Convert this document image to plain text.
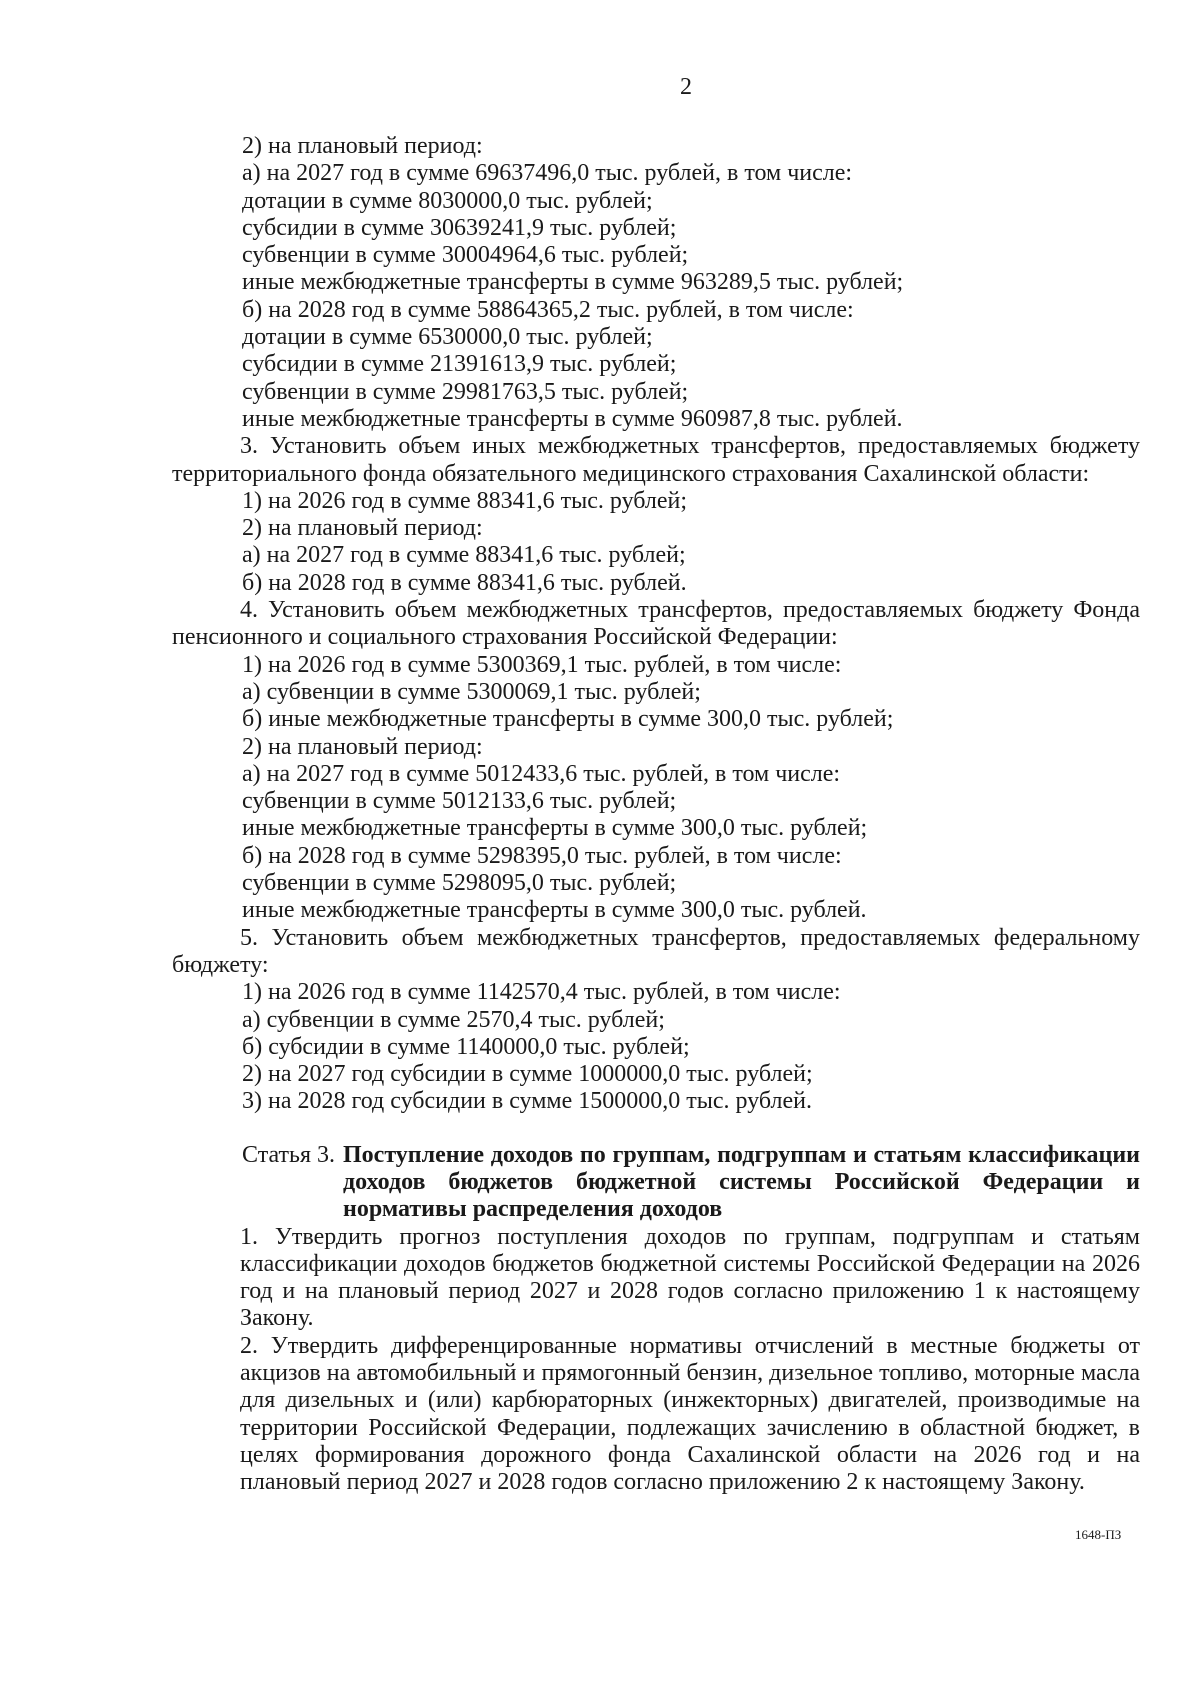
2
2) на плановый период:
а) на 2027 год в сумме 69637496,0 тыс. рублей, в том числе:
дотации в сумме 8030000,0 тыс. рублей;
субсидии в сумме 30639241,9 тыс. рублей;
субвенции в сумме 30004964,6 тыс. рублей;
иные межбюджетные трансферты в сумме 963289,5 тыс. рублей;
б) на 2028 год в сумме 58864365,2 тыс. рублей, в том числе:
дотации в сумме 6530000,0 тыс. рублей;
субсидии в сумме 21391613,9 тыс. рублей;
субвенции в сумме 29981763,5 тыс. рублей;
иные межбюджетные трансферты в сумме 960987,8 тыс. рублей.
3. Установить объем иных межбюджетных трансфертов, предоставляемых бюджету
территориального фонда обязательного медицинского страхования Сахалинской области:
1) на 2026 год в сумме 88341,6 тыс. рублей;
2) на плановый период:
а) на 2027 год в сумме 88341,6 тыс. рублей;
б) на 2028 год в сумме 88341,6 тыс. рублей.
4. Установить объем межбюджетных трансфертов, предоставляемых бюджету Фонда
пенсионного и социального страхования Российской Федерации:
1) на 2026 год в сумме 5300369,1 тыс. рублей, в том числе:
а) субвенции в сумме 5300069,1 тыс. рублей;
б) иные межбюджетные трансферты в сумме 300,0 тыс. рублей;
2) на плановый период:
а) на 2027 год в сумме 5012433,6 тыс. рублей, в том числе:
субвенции в сумме 5012133,6 тыс. рублей;
иные межбюджетные трансферты в сумме 300,0 тыс. рублей;
б) на 2028 год в сумме 5298395,0 тыс. рублей, в том числе:
субвенции в сумме 5298095,0 тыс. рублей;
иные межбюджетные трансферты в сумме 300,0 тыс. рублей.
5. Установить объем межбюджетных трансфертов, предоставляемых федеральному
бюджету:
1) на 2026 год в сумме 1142570,4 тыс. рублей, в том числе:
а) субвенции в сумме 2570,4 тыс. рублей;
б) субсидии в сумме 1140000,0 тыс. рублей;
2) на 2027 год субсидии в сумме 1000000,0 тыс. рублей;
3) на 2028 год субсидии в сумме 1500000,0 тыс. рублей.
Статья 3. Поступление доходов по группам, подгруппам и статьям классификации
доходов бюджетов бюджетной системы Российской Федерации и
нормативы распределения доходов
1. Утвердить прогноз поступления доходов по группам, подгруппам и статьям классификации доходов бюджетов бюджетной системы Российской Федерации на 2026 год и на плановый период 2027 и 2028 годов согласно приложению 1 к настоящему Закону.
2. Утвердить дифференцированные нормативы отчислений в местные бюджеты от акцизов на автомобильный и прямогонный бензин, дизельное топливо, моторные масла для дизельных и (или) карбюраторных (инжекторных) двигателей, производимые на территории Российской Федерации, подлежащих зачислению в областной бюджет, в целях формирования дорожного фонда Сахалинской области на 2026 год и на плановый период 2027 и 2028 годов согласно приложению 2 к настоящему Закону.
1648-ПЗ
